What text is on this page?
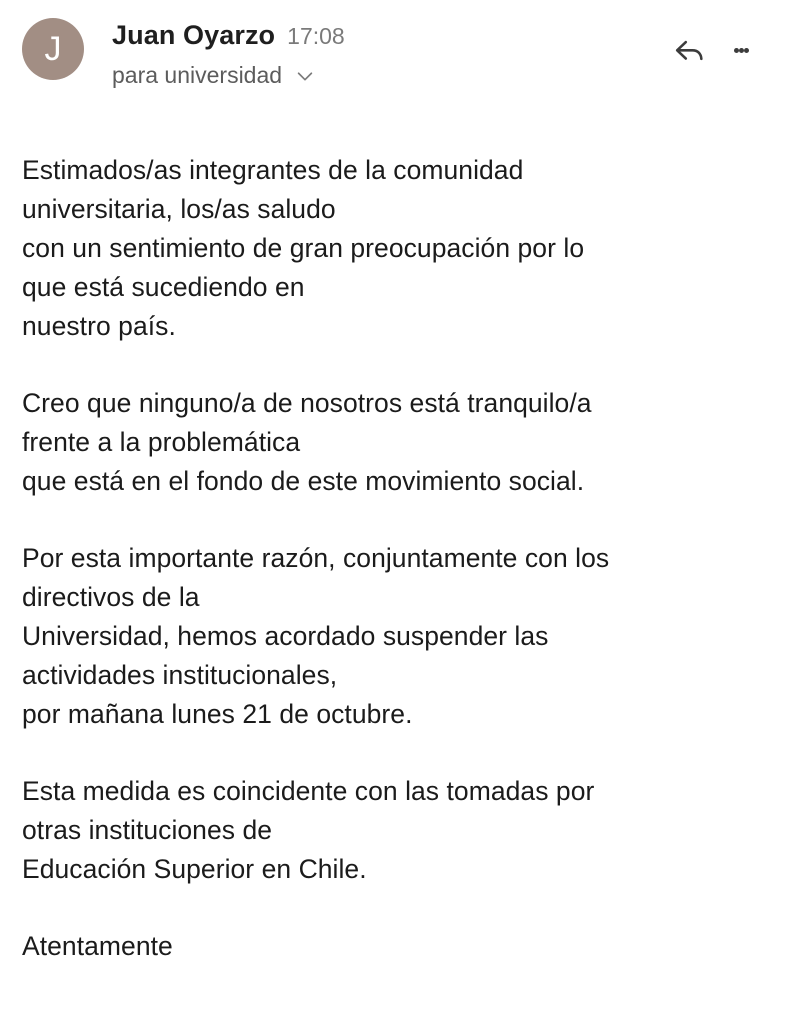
J	Juan Oyarzo 17:08
para universidad

Estimados/as integrantes de la comunidad
universitaria, los/as saludo
con un sentimiento de gran preocupación por lo
que está sucediendo en
nuestro país.

Creo que ninguno/a de nosotros está tranquilo/a
frente a la problemática
que está en el fondo de este movimiento social.

Por esta importante razón, conjuntamente con los
directivos de la
Universidad, hemos acordado suspender las
actividades institucionales,
por mañana lunes 21 de octubre.

Esta medida es coincidente con las tomadas por
otras instituciones de
Educación Superior en Chile.

Atentamente
